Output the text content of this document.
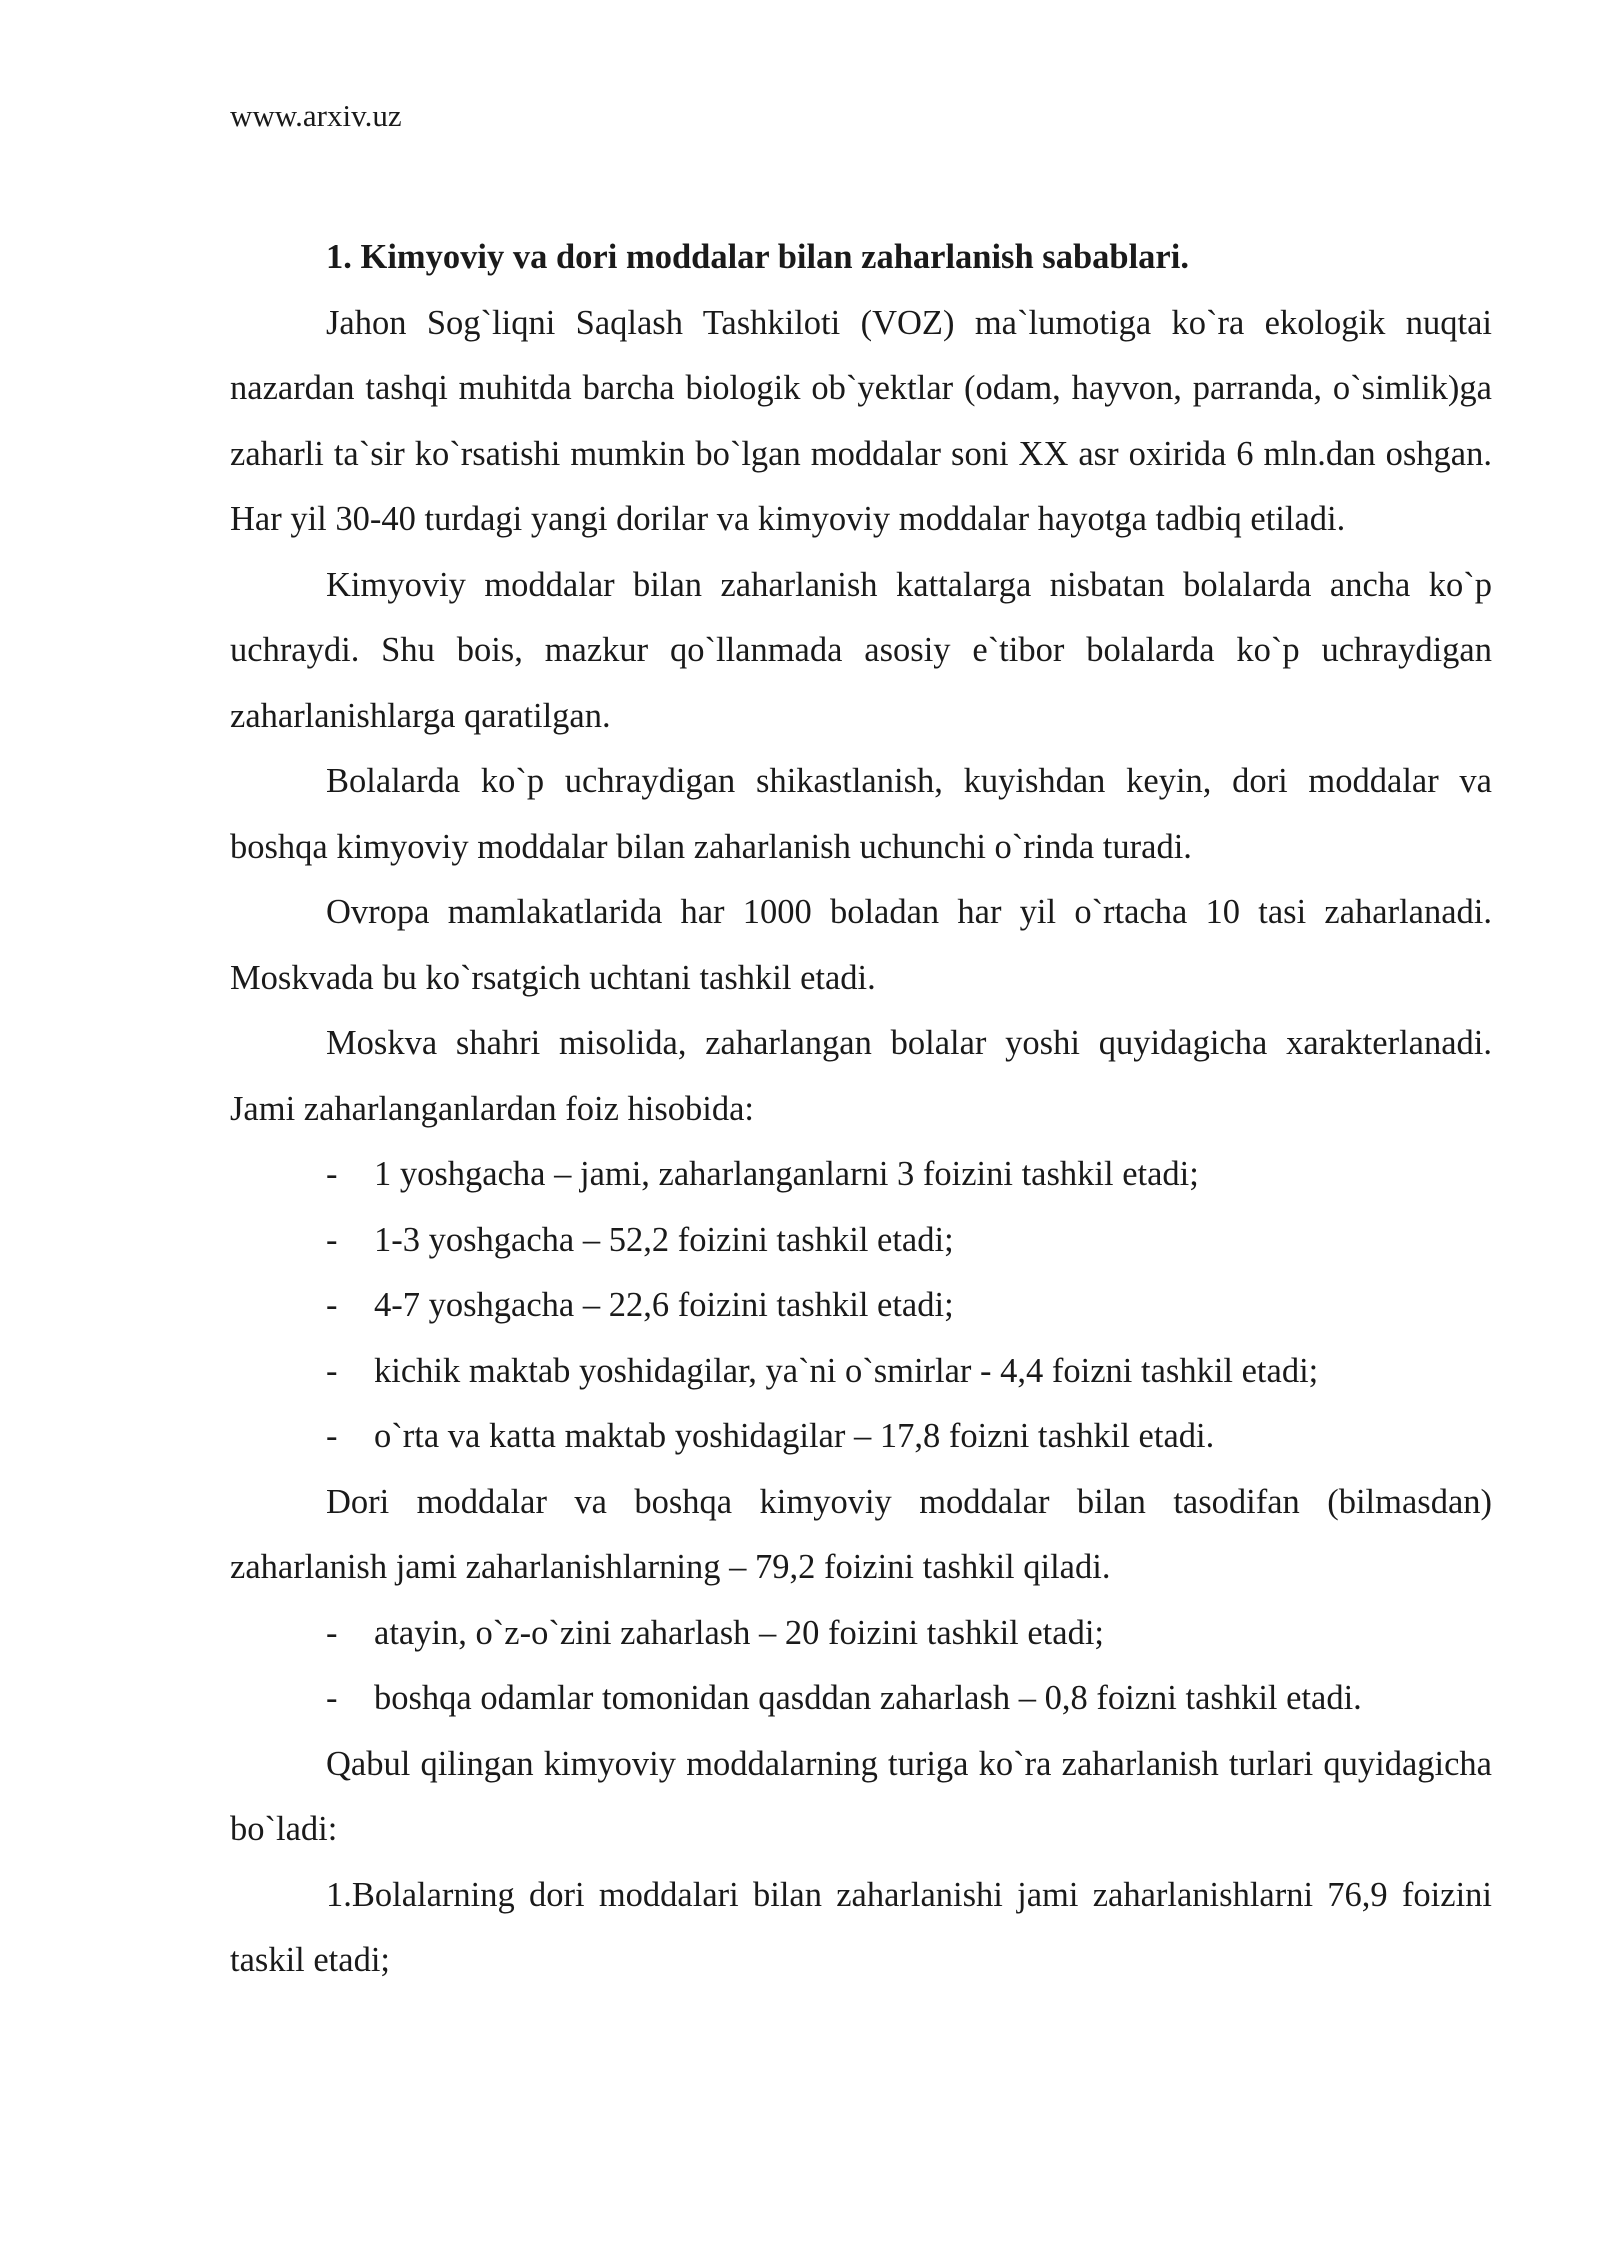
www.arxiv.uz

1. Kimyoviy va dori moddalar bilan zaharlanish sabablari.

Jahon Sog`liqni Saqlash Tashkiloti (VOZ) ma`lumotiga ko`ra ekologik nuqtai nazardan tashqi muhitda barcha biologik ob`yektlar (odam, hayvon, parranda, o`simlik)ga zaharli ta`sir ko`rsatishi mumkin bo`lgan moddalar soni XX asr oxirida 6 mln.dan oshgan. Har yil 30-40 turdagi yangi dorilar va kimyoviy moddalar hayotga tadbiq etiladi.

Kimyoviy moddalar bilan zaharlanish kattalarga nisbatan bolalarda ancha ko`p uchraydi. Shu bois, mazkur qo`llanmada asosiy e`tibor bolalarda ko`p uchraydigan zaharlanishlarga qaratilgan.

Bolalarda ko`p uchraydigan shikastlanish, kuyishdan keyin, dori moddalar va boshqa kimyoviy moddalar bilan zaharlanish uchunchi o`rinda turadi.

Ovropa mamlakatlarida har 1000 boladan har yil o`rtacha 10 tasi zaharlanadi. Moskvada bu ko`rsatgich uchtani tashkil etadi.

Moskva shahri misolida, zaharlangan bolalar yoshi quyidagicha xarakterlanadi. Jami zaharlanganlardan foiz hisobida:

-	1 yoshgacha – jami, zaharlanganlarni 3 foizini tashkil etadi;

-	1-3 yoshgacha – 52,2 foizini tashkil etadi;

-	4-7 yoshgacha – 22,6 foizini tashkil etadi;

-	kichik maktab yoshidagilar, ya`ni o`smirlar - 4,4 foizni tashkil etadi;

-	o`rta va katta maktab yoshidagilar – 17,8 foizni tashkil etadi.

Dori moddalar va boshqa kimyoviy moddalar bilan tasodifan (bilmasdan) zaharlanish jami zaharlanishlarning – 79,2 foizini tashkil qiladi.

-	atayin, o`z-o`zini zaharlash – 20 foizini tashkil etadi;

-	boshqa odamlar tomonidan qasddan zaharlash – 0,8 foizni tashkil etadi.

Qabul qilingan kimyoviy moddalarning turiga ko`ra zaharlanish turlari quyidagicha bo`ladi:

1.Bolalarning dori moddalari bilan zaharlanishi jami zaharlanishlarni 76,9 foizini taskil etadi;
